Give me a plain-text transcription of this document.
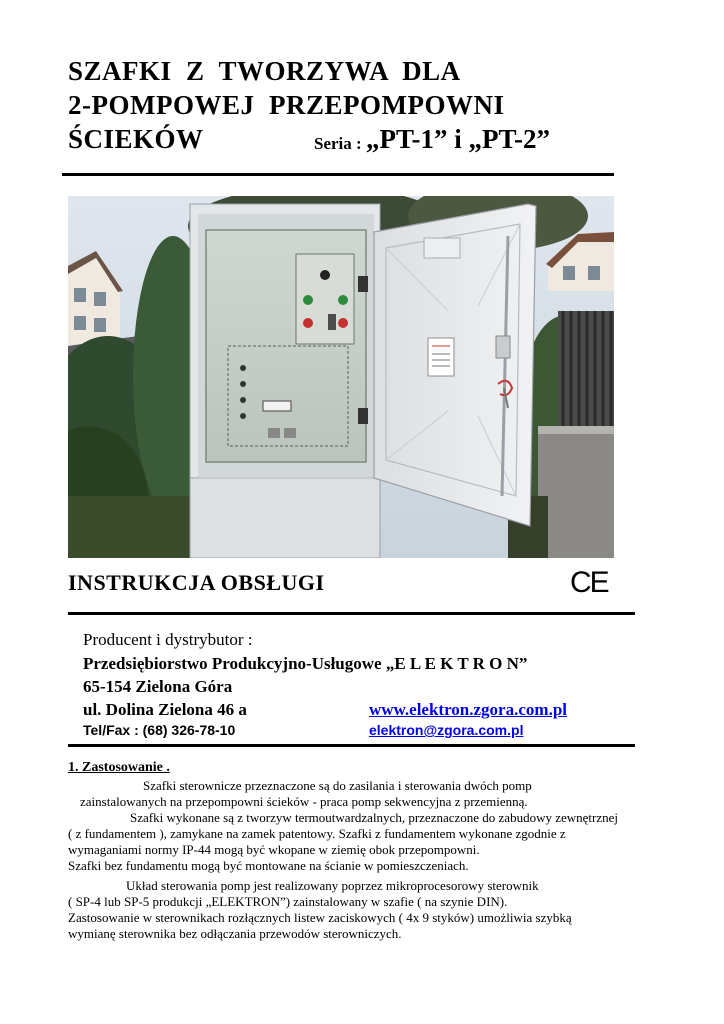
SZAFKI  Z  TWORZYWA  DLA
2-POMPOWEJ  PRZEPOMPOWNI
ŚCIEKÓW	Seria : „PT-1” i „PT-2”
INSTRUKCJA OBSŁUGI	CE
Producent i dystrybutor :
Przedsiębiorstwo Produkcyjno-Usługowe „E L E K T R O N”
65-154 Zielona Góra
ul. Dolina Zielona 46 a
Tel/Fax : (68) 326-78-10
www.elektron.zgora.com.pl
elektron@zgora.com.pl
1. Zastosowanie .
Szafki sterownicze przeznaczone są do zasilania i sterowania dwóch pomp
zainstalowanych na przepompowni ścieków - praca pomp sekwencyjna z przemienną.
Szafki wykonane są z tworzyw termoutwardzalnych, przeznaczone do zabudowy zewnętrznej
( z fundamentem ), zamykane na zamek patentowy. Szafki z fundamentem wykonane zgodnie z
wymaganiami normy IP-44 mogą być wkopane w ziemię obok przepompowni.
Szafki bez fundamentu mogą być montowane na ścianie w pomieszczeniach.
Układ sterowania pomp jest realizowany poprzez mikroprocesorowy sterownik
( SP-4 lub SP-5 produkcji „ELEKTRON”) zainstalowany w szafie ( na szynie DIN).
Zastosowanie w sterownikach rozłącznych listew zaciskowych ( 4x 9 styków) umożliwia szybką
wymianę sterownika bez odłączania przewodów sterowniczych.
